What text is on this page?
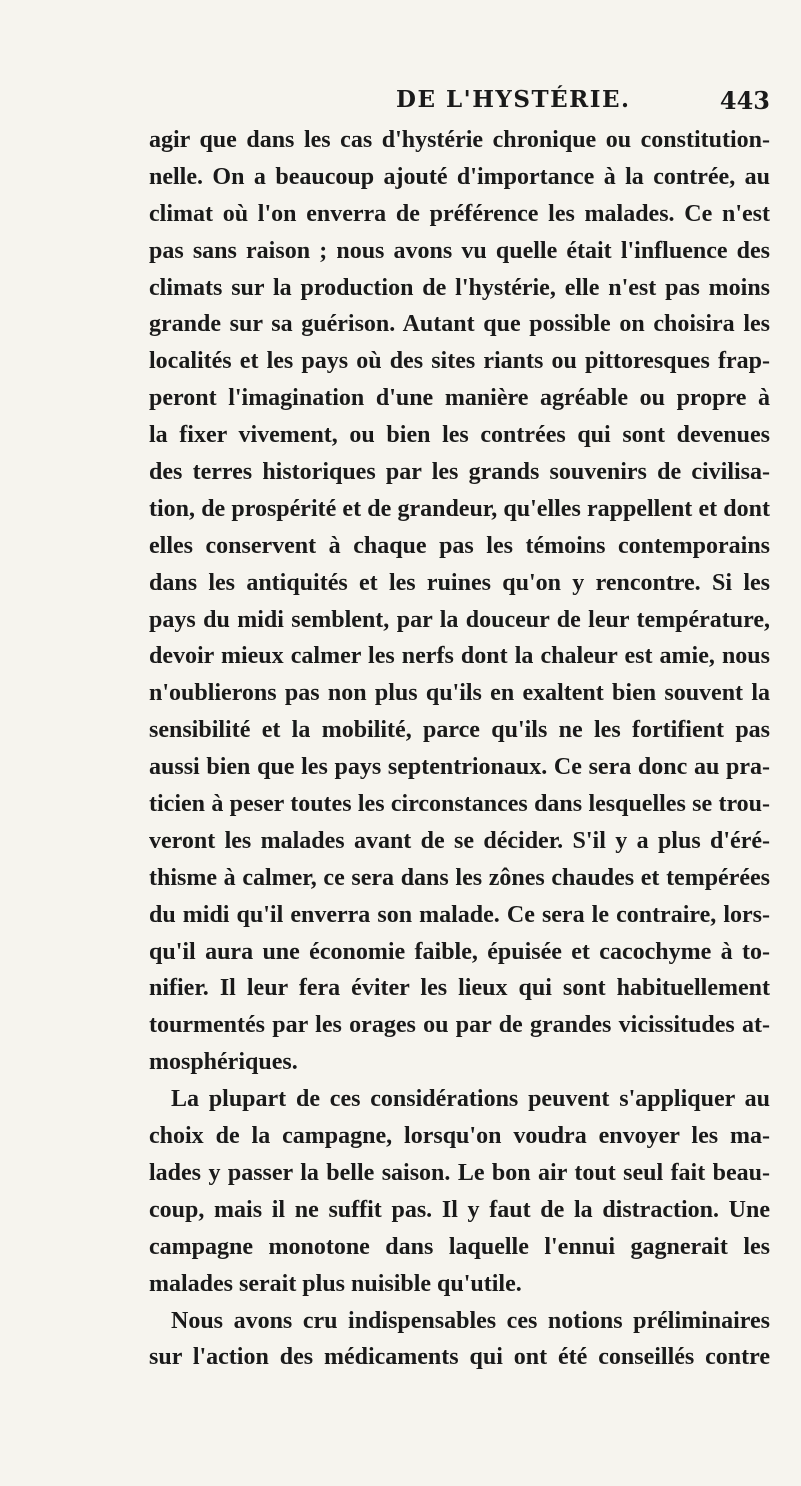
DE L'HYSTÉRIE.	443
agir que dans les cas d'hystérie chronique ou constitution-
nelle. On a beaucoup ajouté d'importance à la contrée, au
climat où l'on enverra de préférence les malades. Ce n'est
pas sans raison ; nous avons vu quelle était l'influence des
climats sur la production de l'hystérie, elle n'est pas moins
grande sur sa guérison. Autant que possible on choisira les
localités et les pays où des sites riants ou pittoresques frap-
peront l'imagination d'une manière agréable ou propre à
la fixer vivement, ou bien les contrées qui sont devenues
des terres historiques par les grands souvenirs de civilisa-
tion, de prospérité et de grandeur, qu'elles rappellent et dont
elles conservent à chaque pas les témoins contemporains
dans les antiquités et les ruines qu'on y rencontre. Si les
pays du midi semblent, par la douceur de leur température,
devoir mieux calmer les nerfs dont la chaleur est amie, nous
n'oublierons pas non plus qu'ils en exaltent bien souvent la
sensibilité et la mobilité, parce qu'ils ne les fortifient pas
aussi bien que les pays septentrionaux. Ce sera donc au pra-
ticien à peser toutes les circonstances dans lesquelles se trou-
veront les malades avant de se décider. S'il y a plus d'éré-
thisme à calmer, ce sera dans les zônes chaudes et tempérées
du midi qu'il enverra son malade. Ce sera le contraire, lors-
qu'il aura une économie faible, épuisée et cacochyme à to-
nifier. Il leur fera éviter les lieux qui sont habituellement
tourmentés par les orages ou par de grandes vicissitudes at-
mosphériques.
La plupart de ces considérations peuvent s'appliquer au
choix de la campagne, lorsqu'on voudra envoyer les ma-
lades y passer la belle saison. Le bon air tout seul fait beau-
coup, mais il ne suffit pas. Il y faut de la distraction. Une
campagne monotone dans laquelle l'ennui gagnerait les
malades serait plus nuisible qu'utile.
Nous avons cru indispensables ces notions préliminaires
sur l'action des médicaments qui ont été conseillés contre
